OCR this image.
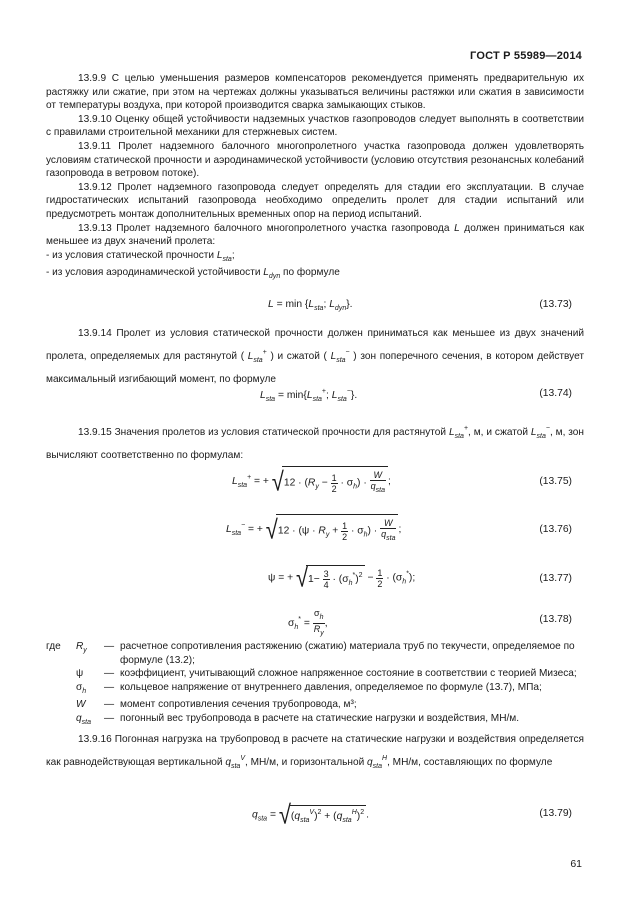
ГОСТ Р 55989—2014

13.9.9 С целью уменьшения размеров компенсаторов рекомендуется применять предварительную их растяжку или сжатие, при этом на чертежах должны указываться величины растяжки или сжатия в зависимости от температуры воздуха, при которой производится сварка замыкающих стыков.

13.9.10 Оценку общей устойчивости надземных участков газопроводов следует выполнять в соответствии с правилами строительной механики для стержневых систем.

13.9.11 Пролет надземного балочного многопролетного участка газопровода должен удовлетворять условиям статической прочности и аэродинамической устойчивости (условию отсутствия резонансных колебаний газопровода в ветровом потоке).

13.9.12 Пролет надземного газопровода следует определять для стадии его эксплуатации. В случае гидростатических испытаний газопровода необходимо определить пролет для стадии испытаний или предусмотреть монтаж дополнительных временных опор на период испытаний.

13.9.13 Пролет надземного балочного многопролетного участка газопровода L должен приниматься как меньшее из двух значений пролета:

- из условия статической прочности $L_{sta}$;

- из условия аэродинамической устойчивости $L_{dyn}$ по формуле

$L = \min \{L_{sta}$; $L_{dyn}$}.	(13.73)

13.9.14 Пролет из условия статической прочности должен приниматься как меньшее из двух значений пролета, определяемых для растянутой ( $L_{sta}^+$ ) и сжатой ( $L_{sta}^-$ ) зон поперечного сечения, в котором действует максимальный изгибающий момент, по формуле

$L_{sta} = \min\{L_{sta}^+$; $L_{sta}^-$}.	(13.74)

13.9.15 Значения пролетов из условия статической прочности для растянутой $L_{sta}^+$, м, и сжатой $L_{sta}^-$, м, зон вычисляют соответственно по формулам:

$L_{sta}^+$ = + $√12 \cdot (R_y - \frac{1}{2} \cdot \sigma_h) \cdot \frac{W}{q_{sta}}$ ;	(13.75)
$L_{sta}^-$ = + $√12 \cdot (\psi \cdot R_y + \frac{1}{2} \cdot \sigma_h) \cdot \frac{W}{q_{sta}}$ ;	(13.76)
ψ = + $√1- \frac{3}{4} \cdot (\sigma_h^*)^2 - \frac{1}{2} \cdot (\sigma_h^*)$;	(13.77)
$\sigma_h^* = \frac{\sigma_h}{R_y}$ ,	(13.78)
где	$R_y$	— расчетное сопротивления растяжению (сжатию) материала труб по текучести, определяемое по формуле (13.2);
ψ	— коэффициент, учитывающий сложное напряженное состояние в соответствии с теорией Мизеса;
$\sigma_h$	— кольцевое напряжение от внутреннего давления, определяемое по формуле (13.7), МПа;
W	— момент сопротивления сечения трубопровода, м³;
$q_{sta}$	— погонный вес трубопровода в расчете на статические нагрузки и воздействия, МН/м.

13.9.16 Погонная нагрузка на трубопровод в расчете на статические нагрузки и воздействия определяется как равнодействующая вертикальной $q_{sta}^V$, МН/м, и горизонтальной $q_{sta}^H$, МН/м, составляющих по формуле

$q_{sta} = √(q_{sta}^V)^2 + (q_{sta}^H)^2$ .	(13.79)
61
